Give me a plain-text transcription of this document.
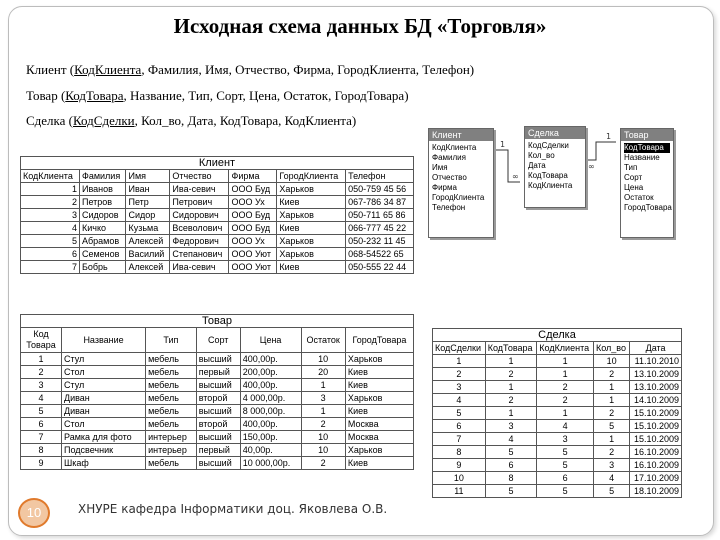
Исходная схема данных БД «Торговля»
Клиент (КодКлиента, Фамилия, Имя, Отчество, Фирма, ГородКлиента, Телефон)
Товар (КодТовара, Название, Тип, Сорт, Цена, Остаток, ГородТовара)
Сделка (КодСделки, Кол_во, Дата, КодТовара, КодКлиента)
1
∞
∞
1
Клиент
КодКлиента
Фамилия
Имя
Отчество
Фирма
ГородКлиента
Телефон
Сделка
КодСделки
Кол_во
Дата
КодТовара
КодКлиента
Товар
КодТовара
Название
Тип
Сорт
Цена
Остаток
ГородТовара
Клиент						
КодКлиента	Фамилия	Имя	Отчество	Фирма	ГородКлиента	Телефон
1	Иванов	Иван	Ива-севич	ООО Буд	Харьков	050-759 45 56
2	Петров	Петр	Петрович	ООО Ух	Киев	067-786 34 87
3	Сидоров	Сидор	Сидорович	ООО Буд	Харьков	050-711 65 86
4	Кичко	Кузьма	Всеволович	ООО Буд	Киев	066-777 45 22
5	Абрамов	Алексей	Федорович	ООО Ух	Харьков	050-232 11 45
6	Семенов	Василий	Степанович	ООО Уют	Харьков	068-54522 65
7	Бобрь	Алексей	Ива-севич	ООО Уют	Киев	050-555 22 44
Товар						
Код Товара	Название	Тип	Сорт	Цена	Остаток	ГородТовара
1	Стул	мебель	высший	400,00р.	10	Харьков
2	Стол	мебель	первый	200,00р.	20	Киев
3	Стул	мебель	высший	400,00р.	1	Киев
4	Диван	мебель	второй	4 000,00р.	3	Харьков
5	Диван	мебель	высший	8 000,00р.	1	Киев
6	Стол	мебель	второй	400,00р.	2	Москва
7	Рамка для фото	интерьер	высший	150,00р.	10	Москва
8	Подсвечник	интерьер	первый	40,00р.	10	Харьков
9	Шкаф	мебель	высший	10 000,00р.	2	Киев
Сделка				
КодСделки	КодТовара	КодКлиента	Кол_во	Дата
1	1	1	10	11.10.2010
2	2	1	2	13.10.2009
3	1	2	1	13.10.2009
4	2	2	1	14.10.2009
5	1	1	2	15.10.2009
6	3	4	5	15.10.2009
7	4	3	1	15.10.2009
8	5	5	2	16.10.2009
9	6	5	3	16.10.2009
10	8	6	4	17.10.2009
11	5	5	5	18.10.2009
10	ХНУРЕ кафедра Інформатики доц. Яковлева О.В.
